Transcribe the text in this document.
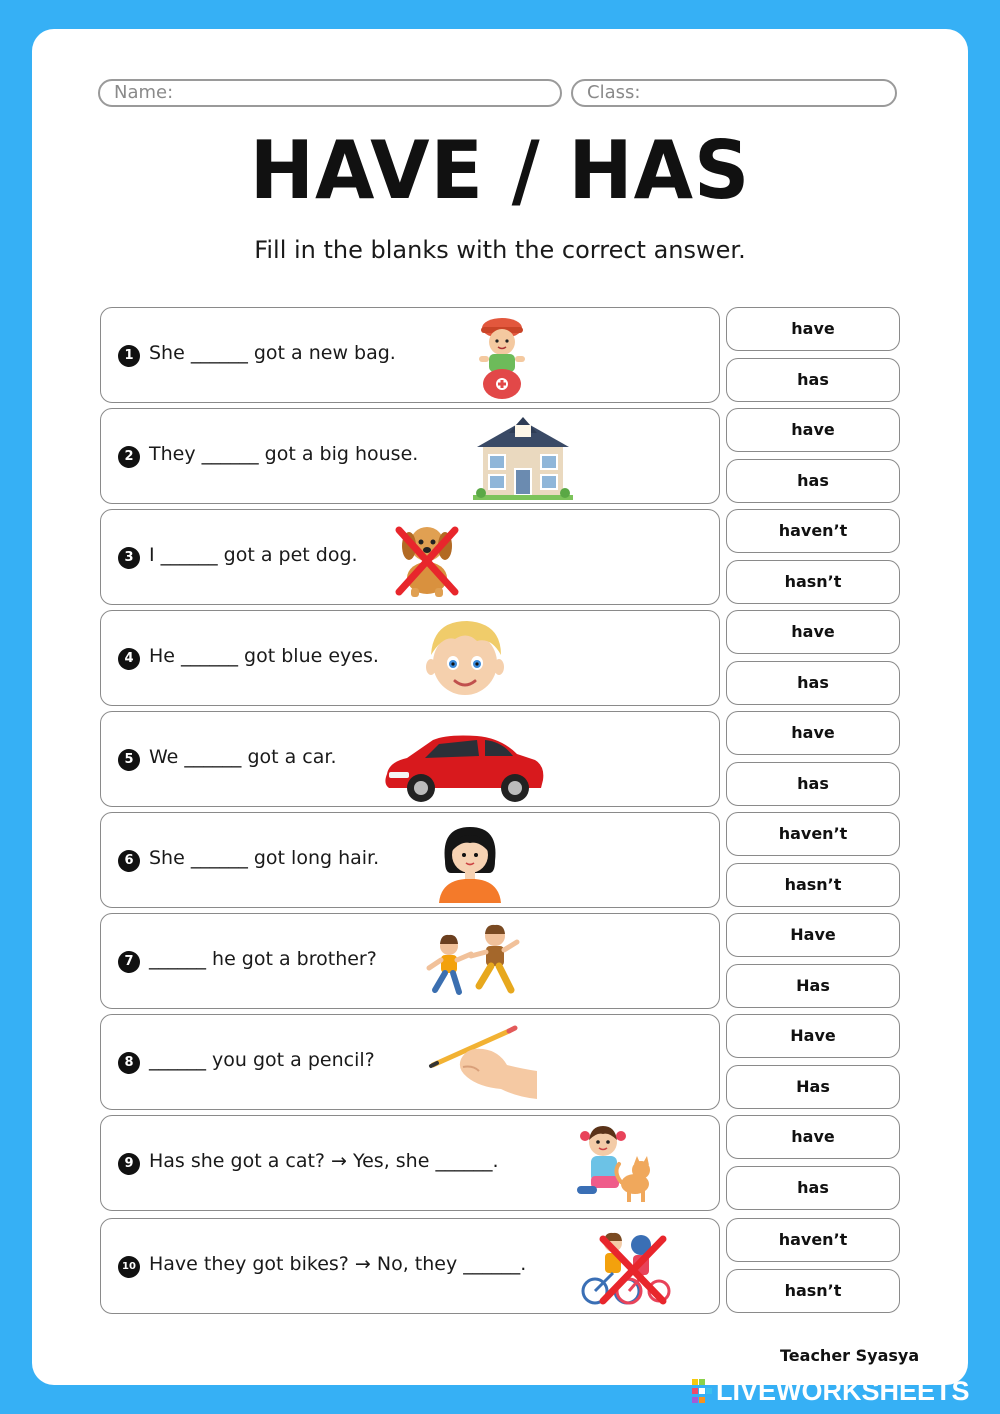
Name:	Class:
HAVE / HAS
Fill in the blanks with the correct answer.
1 She ______ got a new bag.
have
has
2 They ______ got a big house.
have
has
3 I ______ got a pet dog.
haven’t
hasn’t
4 He ______ got blue eyes.
have
has
5 We ______ got a car.
have
has
6 She ______ got long hair.
haven’t
hasn’t
7 ______ he got a brother?
Have
Has
8 ______ you got a pencil?
Have
Has
9 Has she got a cat? → Yes, she ______.
have
has
10 Have they got bikes? → No, they ______.
haven’t
hasn’t
Teacher Syasya
LIVEWORKSHEETS
